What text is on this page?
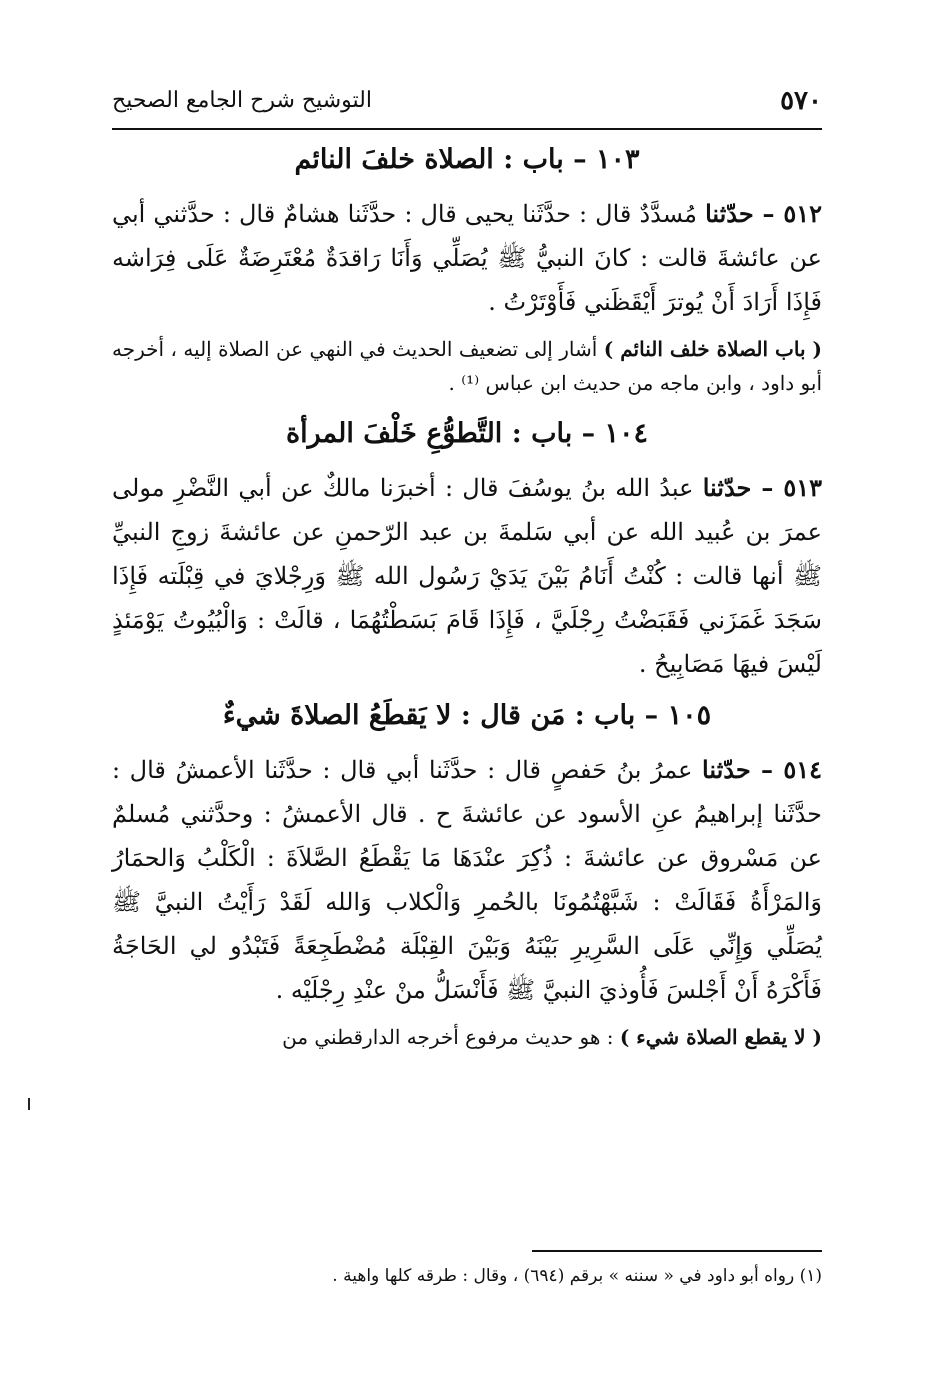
٥٧٠
التوشيح شرح الجامع الصحيح
١٠٣ – باب : الصلاة خلفَ النائم

٥١٢ – حدّثنا مُسدَّدٌ قال : حدَّثَنا يحيى قال : حدَّثَنا هشامٌ قال : حدَّثني أبي عن عائشةَ قالت : كانَ النبيُّ ﷺ يُصَلِّي وَأَنَا رَاقدَةٌ مُعْتَرِضَةٌ عَلَى فِرَاشه فَإِذَا أَرَادَ أَنْ يُوترَ أَيْقَظَني فَأَوْتَرْتُ .

( باب الصلاة خلف النائم ) أشار إلى تضعيف الحديث في النهي عن الصلاة إليه ، أخرجه أبو داود ، وابن ماجه من حديث ابن عباس ⁽¹⁾ .

١٠٤ – باب : التَّطوُّعِ خَلْفَ المرأة

٥١٣ – حدّثنا عبدُ الله بنُ يوسُفَ قال : أخبرَنا مالكٌ عن أبي النَّضْرِ مولى عمرَ بن عُبيد الله عن أبي سَلمةَ بن عبد الرّحمنِ عن عائشةَ زوجِ النبيِّ ﷺ أنها قالت : كُنْتُ أَنَامُ بَيْنَ يَدَيْ رَسُول الله ﷺ وَرِجْلايَ في قِبْلَته فَإِذَا سَجَدَ غَمَزَني فَقَبَضْتُ رِجْلَيَّ ، فَإِذَا قَامَ بَسَطْتُهُمَا ، قالَتْ : وَالْبُيُوتُ يَوْمَئذٍ لَيْسَ فيهَا مَصَابِيحُ .

١٠٥ – باب : مَن قال : لا يَقطَعُ الصلاةَ شيءٌ

٥١٤ – حدّثنا عمرُ بنُ حَفصٍ قال : حدَّثَنا أبي قال : حدَّثَنا الأعمشُ قال : حدَّثَنا إبراهيمُ عنِ الأسود عن عائشةَ ح . قال الأعمشُ : وحدَّثني مُسلمٌ عن مَسْروق عن عائشةَ : ذُكِرَ عنْدَهَا مَا يَقْطَعُ الصَّلاَةَ : الْكَلْبُ وَالحمَارُ وَالمَرْأَةُ فَقَالَتْ : شَبَّهْتُمُونَا بالحُمرِ وَالْكلاب وَالله لَقَدْ رَأَيْتُ النبيَّ ﷺ يُصَلِّي وَإِنِّي عَلَى السَّرِيرِ بَيْنَهُ وَبَيْنَ القِبْلَة مُضْطَجِعَةً فَتَبْدُو لي الحَاجَةُ فَأَكْرَهُ أَنْ أَجْلسَ فَأُوذيَ النبيَّ ﷺ فَأَنْسَلُّ منْ عنْدِ رِجْلَيْه .

( لا يقطع الصلاة شيء ) : هو حديث مرفوع أخرجه الدارقطني من

(١) رواه أبو داود في « سننه » برقم (٦٩٤) ، وقال : طرقه كلها واهية .
